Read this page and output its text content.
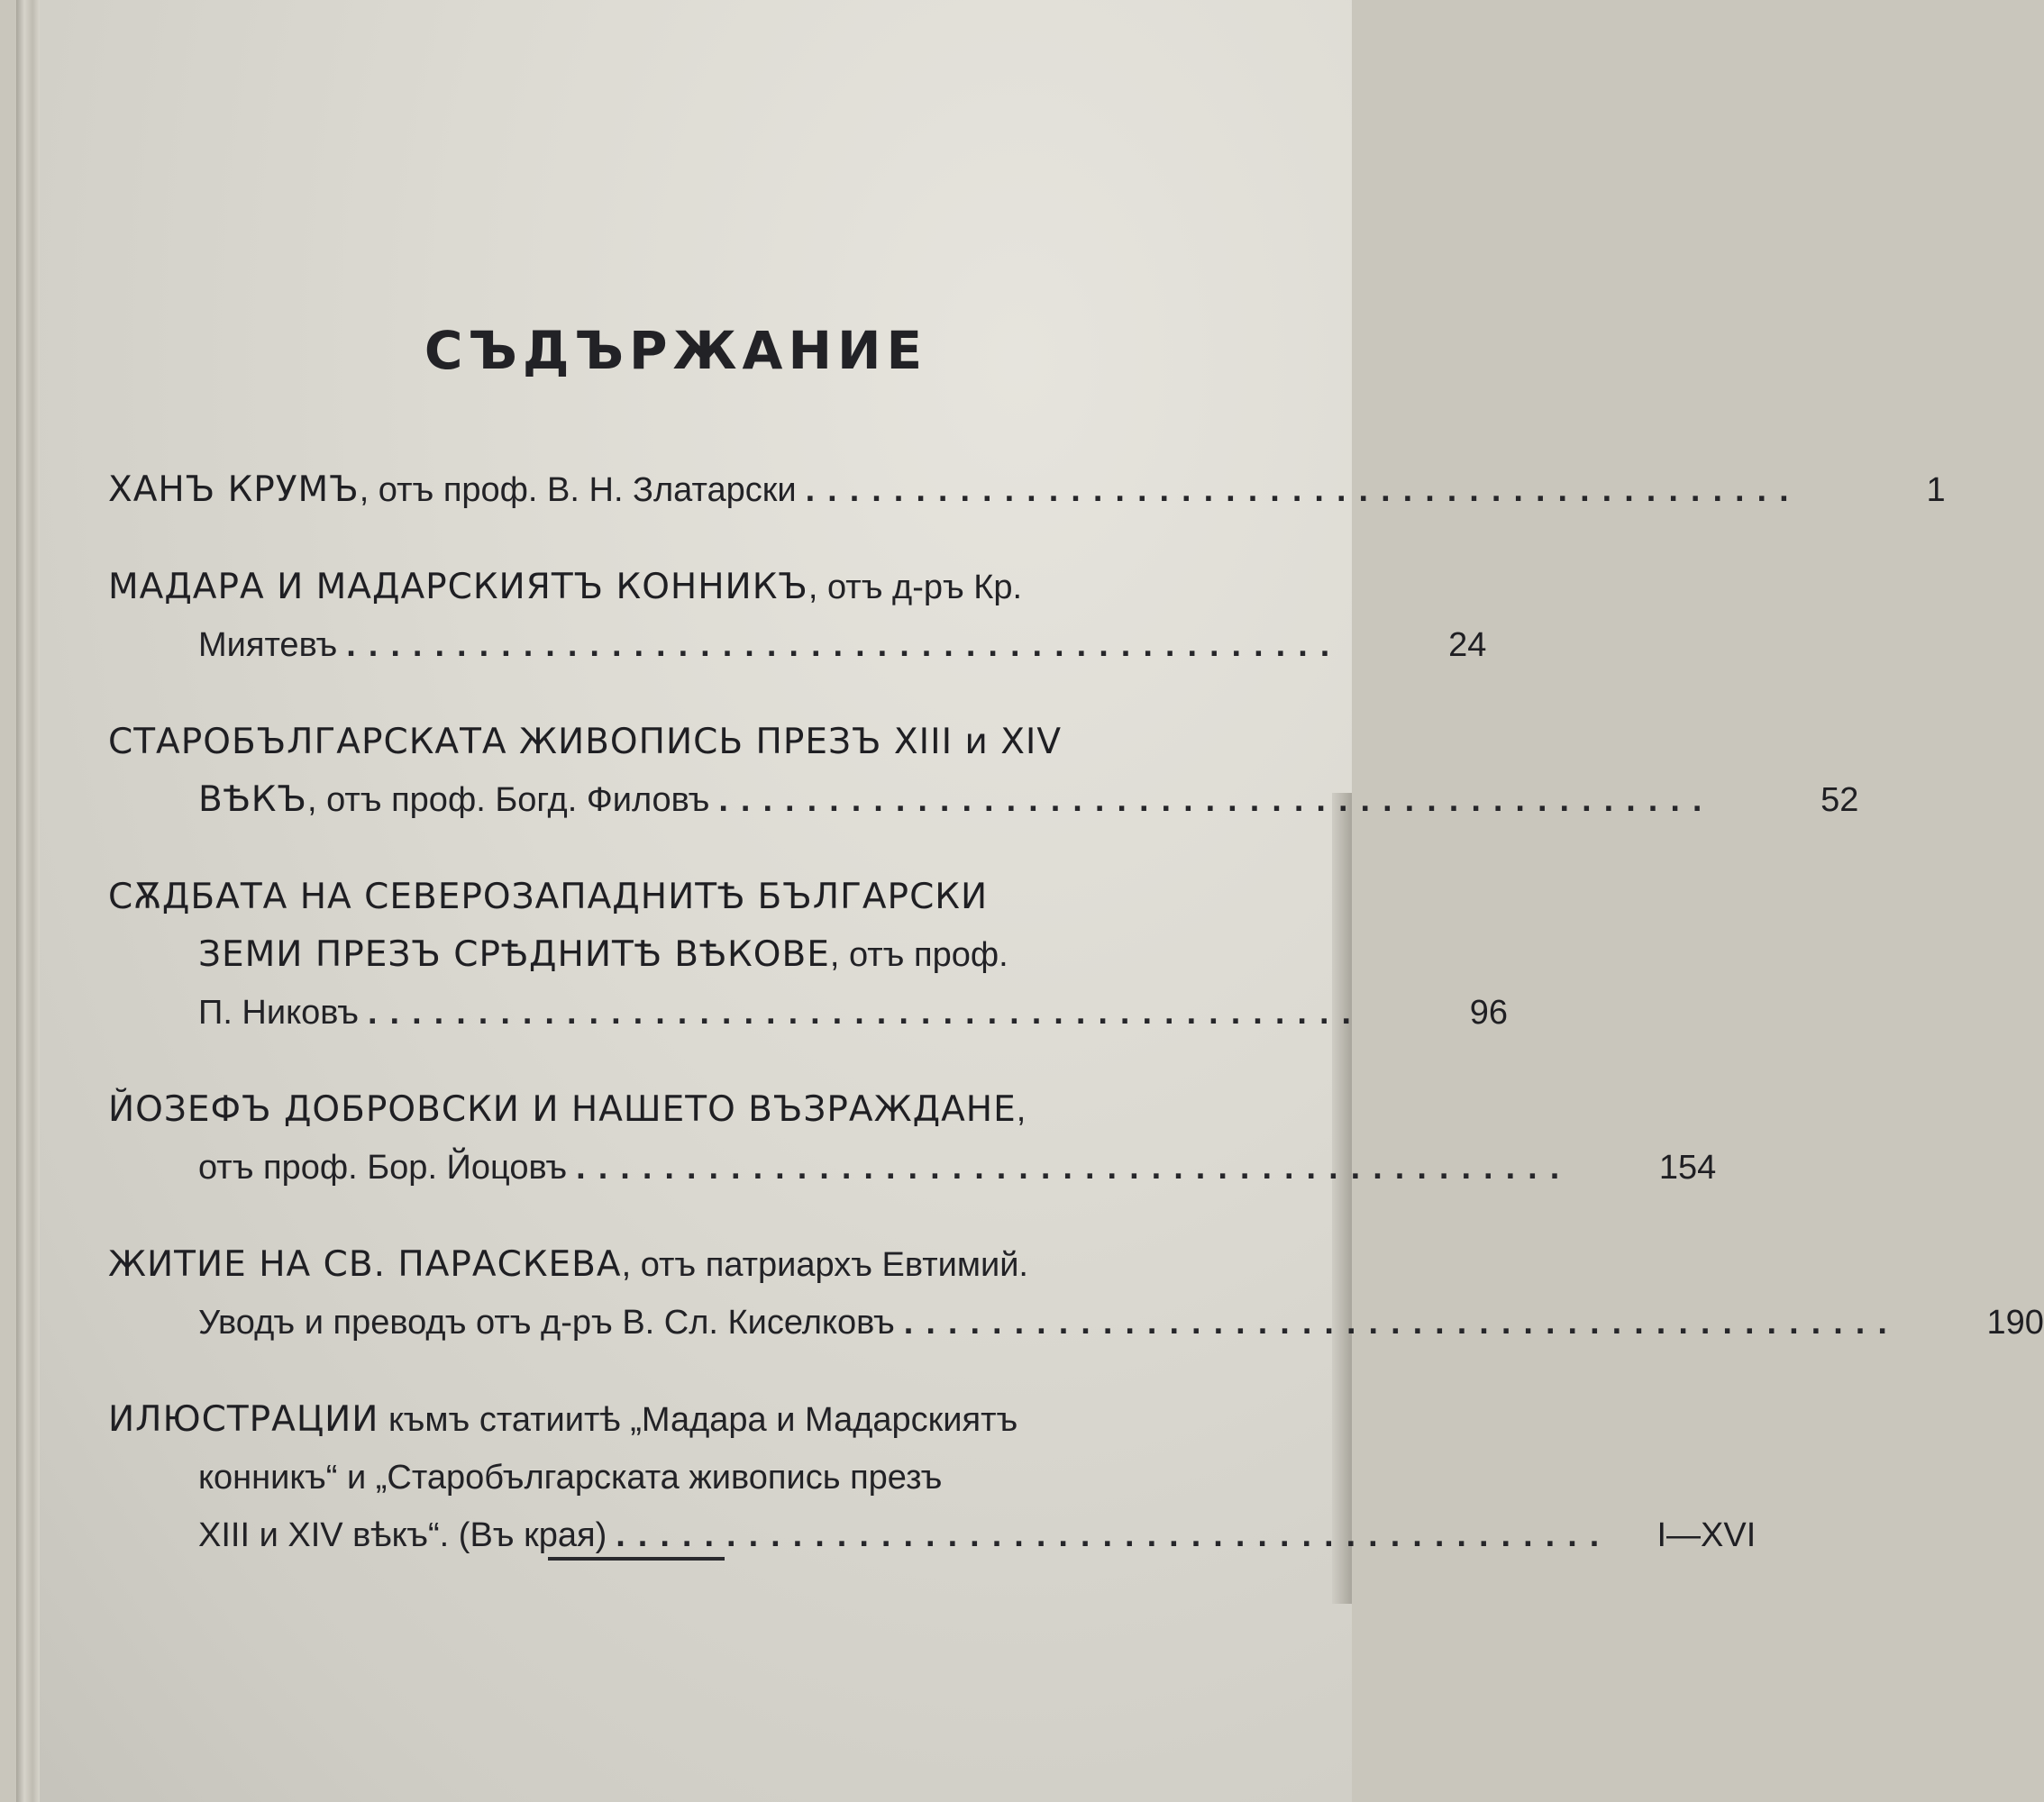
СЪДЪРЖАНИЕ
ХАНЪ КРУМЪ, отъ проф. В. Н. Златарски .............................................	1
МАДАРА И МАДАРСКИЯТЪ КОННИКЪ, отъ д-ръ Кр.
Миятевъ .............................................	24
СТАРОБЪЛГАРСКАТА ЖИВОПИСЬ ПРЕЗЪ XIII и XIV
ВѢКЪ, отъ проф. Богд. Филовъ .............................................	52
СѪДБАТА НА СЕВЕРОЗАПАДНИТѢ БЪЛГАРСКИ
ЗЕМИ ПРЕЗЪ СРѢДНИТѢ ВѢКОВЕ, отъ проф.
П. Никовъ .............................................	96
ЙОЗЕФЪ ДОБРОВСКИ И НАШЕТО ВЪЗРАЖДАНЕ,
отъ проф. Бор. Йоцовъ .............................................	154
ЖИТИЕ НА СВ. ПАРАСКЕВА, отъ патриархъ Евтимий.
Уводъ и преводъ отъ д-ръ В. Сл. Киселковъ .............................................	190
ИЛЮСТРАЦИИ къмъ статиитѣ „Мадара и Мадарскиятъ
конникъ“ и „Старобългарската живопись презъ
XIII и XIV вѣкъ“. (Въ края) .............................................	I—XVI
